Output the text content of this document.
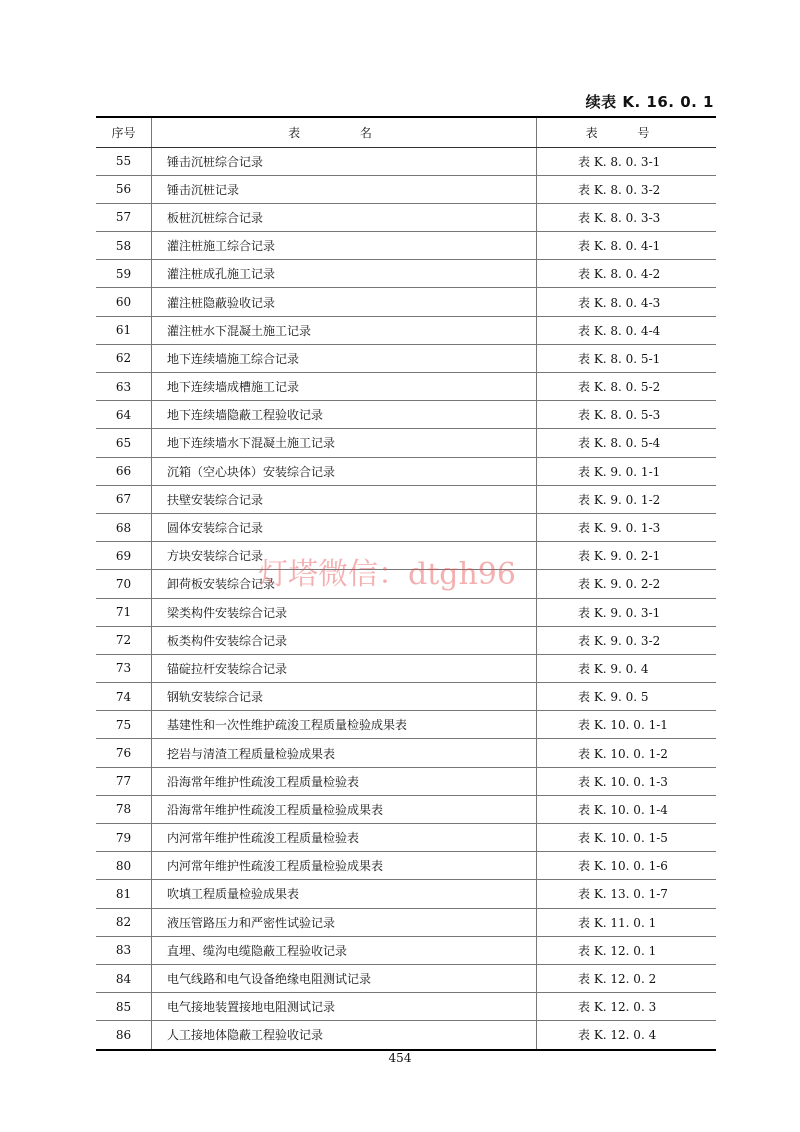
续表 K. 16. 0. 1
序号	表 名	表 号
55	锤击沉桩综合记录	表 K. 8. 0. 3-1
56	锤击沉桩记录	表 K. 8. 0. 3-2
57	板桩沉桩综合记录	表 K. 8. 0. 3-3
58	灌注桩施工综合记录	表 K. 8. 0. 4-1
59	灌注桩成孔施工记录	表 K. 8. 0. 4-2
60	灌注桩隐蔽验收记录	表 K. 8. 0. 4-3
61	灌注桩水下混凝土施工记录	表 K. 8. 0. 4-4
62	地下连续墙施工综合记录	表 K. 8. 0. 5-1
63	地下连续墙成槽施工记录	表 K. 8. 0. 5-2
64	地下连续墙隐蔽工程验收记录	表 K. 8. 0. 5-3
65	地下连续墙水下混凝土施工记录	表 K. 8. 0. 5-4
66	沉箱（空心块体）安装综合记录	表 K. 9. 0. 1-1
67	扶壁安装综合记录	表 K. 9. 0. 1-2
68	圆体安装综合记录	表 K. 9. 0. 1-3
69	方块安装综合记录	表 K. 9. 0. 2-1
70	卸荷板安装综合记录	表 K. 9. 0. 2-2
71	梁类构件安装综合记录	表 K. 9. 0. 3-1
72	板类构件安装综合记录	表 K. 9. 0. 3-2
73	锚碇拉杆安装综合记录	表 K. 9. 0. 4
74	钢轨安装综合记录	表 K. 9. 0. 5
75	基建性和一次性维护疏浚工程质量检验成果表	表 K. 10. 0. 1-1
76	挖岩与清渣工程质量检验成果表	表 K. 10. 0. 1-2
77	沿海常年维护性疏浚工程质量检验表	表 K. 10. 0. 1-3
78	沿海常年维护性疏浚工程质量检验成果表	表 K. 10. 0. 1-4
79	内河常年维护性疏浚工程质量检验表	表 K. 10. 0. 1-5
80	内河常年维护性疏浚工程质量检验成果表	表 K. 10. 0. 1-6
81	吹填工程质量检验成果表	表 K. 13. 0. 1-7
82	液压管路压力和严密性试验记录	表 K. 11. 0. 1
83	直埋、缆沟电缆隐蔽工程验收记录	表 K. 12. 0. 1
84	电气线路和电气设备绝缘电阻测试记录	表 K. 12. 0. 2
85	电气接地装置接地电阻测试记录	表 K. 12. 0. 3
86	人工接地体隐蔽工程验收记录	表 K. 12. 0. 4
灯塔微信：dtgh96
454
